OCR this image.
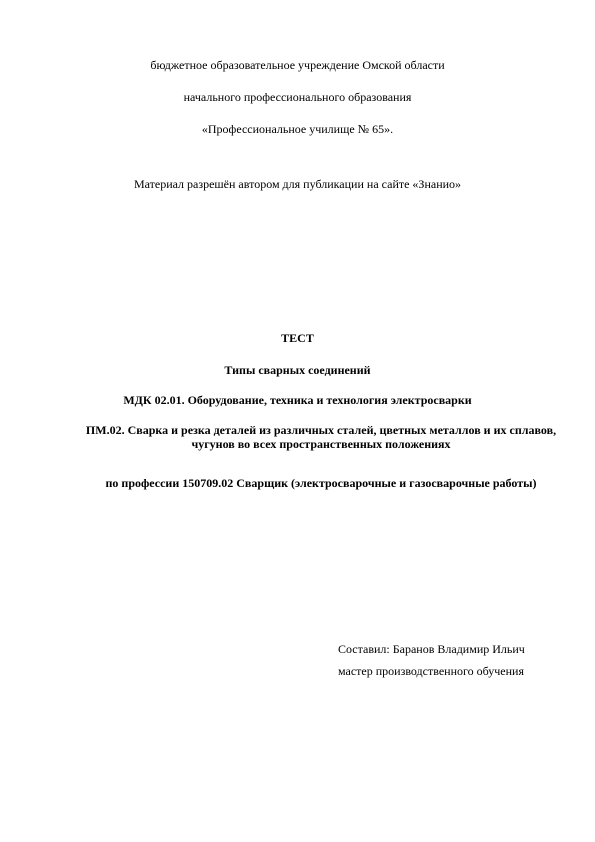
бюджетное образовательное учреждение Омской области
начального профессионального образования
«Профессиональное училище № 65».
Материал разрешён автором для публикации на сайте «Знанио»
ТЕСТ
Типы сварных соединений
МДК 02.01. Оборудование, техника и технология электросварки
ПМ.02. Сварка и резка деталей из различных сталей, цветных металлов и их сплавов, чугунов во всех пространственных положениях
по профессии 150709.02 Сварщик (электросварочные и газосварочные работы)
Составил: Баранов Владимир Ильич
мастер производственного обучения
